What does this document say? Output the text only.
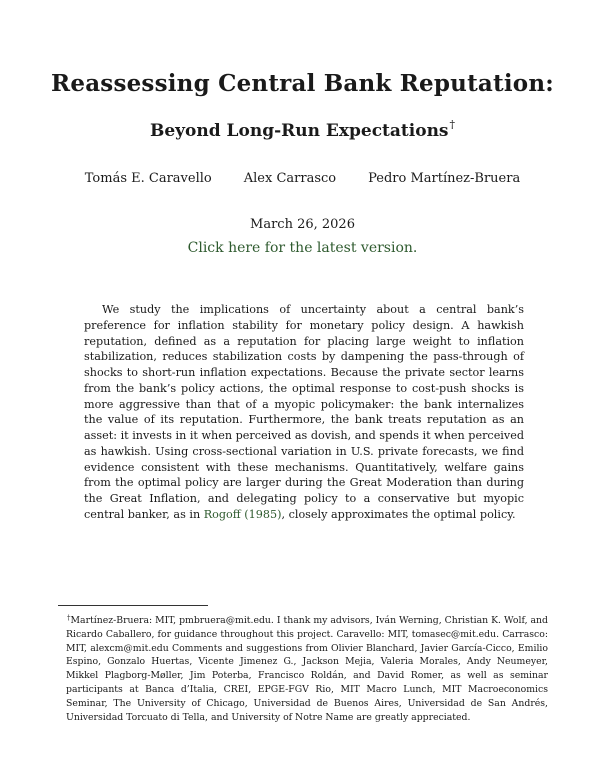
Reassessing Central Bank Reputation:
Beyond Long-Run Expectations†
Tomás E. Caravello Alex Carrasco Pedro Martínez-Bruera
March 26, 2026
Click here for the latest version.
We study the implications of uncertainty about a central bank’s preference for inflation stability for monetary policy design. A hawkish reputation, defined as a reputation for placing large weight to inflation stabilization, reduces stabilization costs by dampening the pass-through of shocks to short-run inflation expectations. Because the private sector learns from the bank’s policy actions, the optimal response to cost-push shocks is more aggressive than that of a myopic policymaker: the bank internalizes the value of its reputation. Furthermore, the bank treats reputation as an asset: it invests in it when perceived as dovish, and spends it when perceived as hawkish. Using cross-sectional variation in U.S. private forecasts, we find evidence consistent with these mechanisms. Quantitatively, welfare gains from the optimal policy are larger during the Great Moderation than during the Great Inflation, and delegating policy to a conservative but myopic central banker, as in Rogoff (1985), closely approximates the optimal policy.
†Martínez-Bruera: MIT, pmbruera@mit.edu. I thank my advisors, Iván Werning, Christian K. Wolf, and Ricardo Caballero, for guidance throughout this project. Caravello: MIT, tomasec@mit.edu. Carrasco: MIT, alexcm@mit.edu Comments and suggestions from Olivier Blanchard, Javier García-Cicco, Emilio Espino, Gonzalo Huertas, Vicente Jimenez G., Jackson Mejia, Valeria Morales, Andy Neumeyer, Mikkel Plagborg-Møller, Jim Poterba, Francisco Roldán, and David Romer, as well as seminar participants at Banca d’Italia, CREI, EPGE-FGV Rio, MIT Macro Lunch, MIT Macroeconomics Seminar, The University of Chicago, Universidad de Buenos Aires, Universidad de San Andrés, Universidad Torcuato di Tella, and University of Notre Name are greatly appreciated.
